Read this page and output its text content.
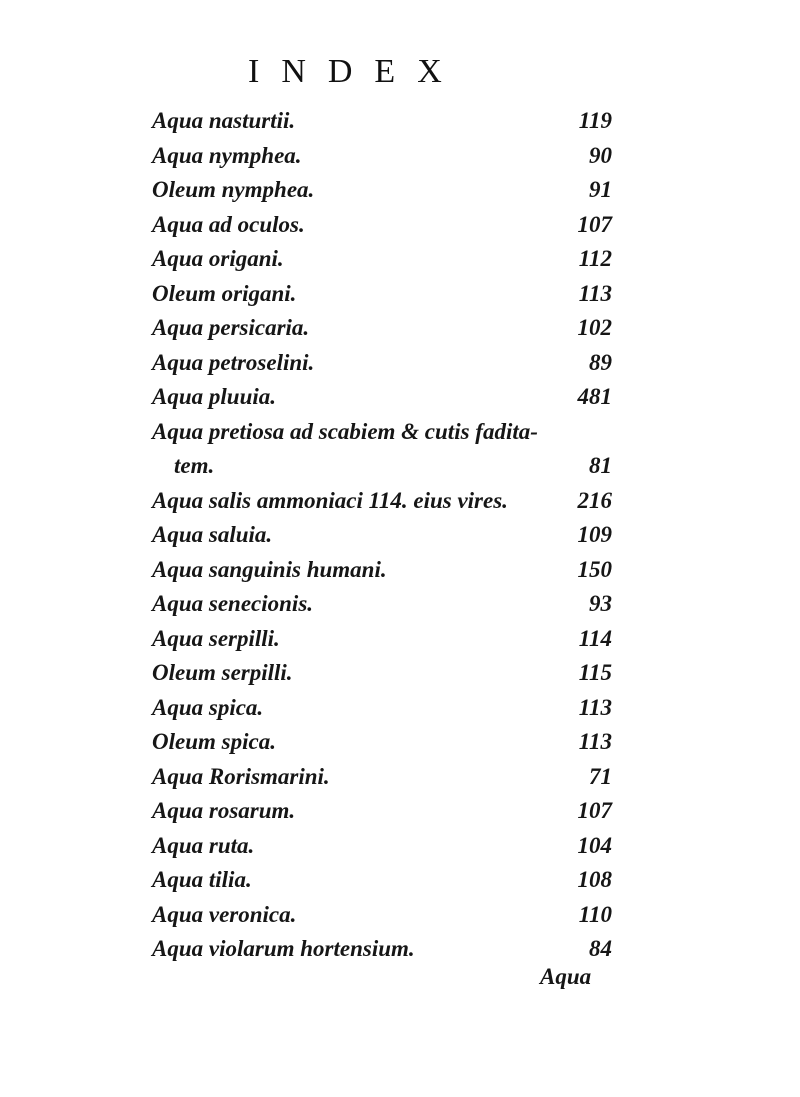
INDEX
Aqua nasturtii.	119
Aqua nymphea.	90
Oleum nymphea.	91
Aqua ad oculos.	107
Aqua origani.	112
Oleum origani.	113
Aqua persicaria.	102
Aqua petroselini.	89
Aqua pluuia.	481
Aqua pretiosa ad scabiem & cutis fadita-
tem.	81
Aqua salis ammoniaci 114. eius vires.	216
Aqua saluia.	109
Aqua sanguinis humani.	150
Aqua senecionis.	93
Aqua serpilli.	114
Oleum serpilli.	115
Aqua spica.	113
Oleum spica.	113
Aqua Rorismarini.	71
Aqua rosarum.	107
Aqua ruta.	104
Aqua tilia.	108
Aqua veronica.	110
Aqua violarum hortensium.	84
Aqua
